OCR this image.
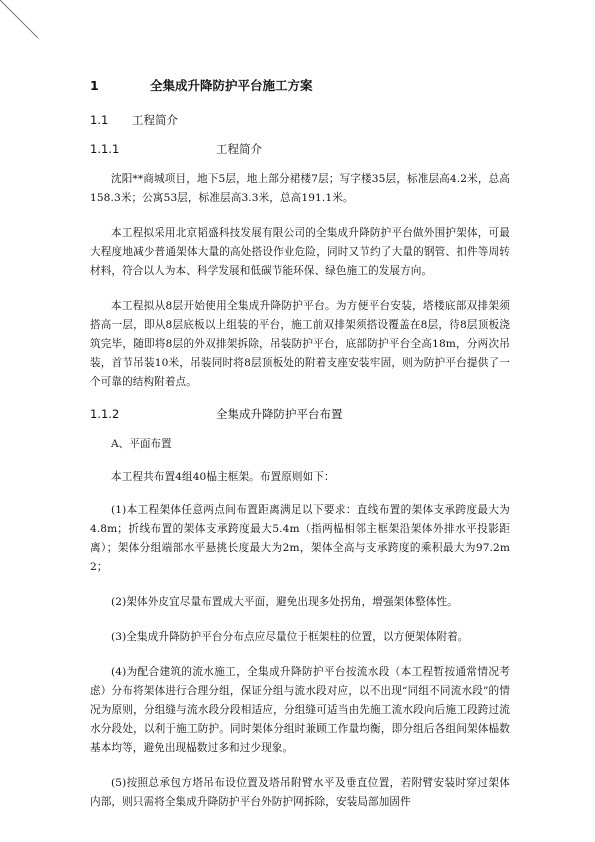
1	全集成升降防护平台施工方案
1.1	工程简介
1.1.1	工程简介

沈阳**商城项目，地下5层，地上部分裙楼7层；写字楼35层，标准层高4.2米，总高158.3米；公寓53层，标准层高3.3米，总高191.1米。

本工程拟采用北京韬盛科技发展有限公司的全集成升降防护平台做外围护架体，可最大程度地减少普通架体大量的高处搭设作业危险，同时又节约了大量的钢管、扣件等周转材料，符合以人为本、科学发展和低碳节能环保、绿色施工的发展方向。

本工程拟从8层开始使用全集成升降防护平台。为方便平台安装，塔楼底部双排架须搭高一层，即从8层底板以上组装的平台，施工前双排架须搭设覆盖在8层，待8层顶板浇筑完毕，随即将8层的外双排架拆除，吊装防护平台，底部防护平台全高18m，分两次吊装，首节吊装10米，吊装同时将8层顶板处的附着支座安装牢固，则为防护平台提供了一个可靠的结构附着点。

1.1.2	全集成升降防护平台布置
A、平面布置

本工程共布置4组40榀主框架。布置原则如下：

(1)本工程架体任意两点间布置距离满足以下要求：直线布置的架体支承跨度最大为4.8m；折线布置的架体支承跨度最大5.4m（指两榀相邻主框架沿架体外排水平投影距离）；架体分组端部水平悬挑长度最大为2m，架体全高与支承跨度的乘积最大为97.2m2；

(2)架体外皮宜尽量布置成大平面，避免出现多处拐角，增强架体整体性。

(3)全集成升降防护平台分布点应尽量位于框架柱的位置，以方便架体附着。

(4)为配合建筑的流水施工，全集成升降防护平台按流水段（本工程暂按通常情况考虑）分布将架体进行合理分组，保证分组与流水段对应，以不出现“同组不同流水段”的情况为原则，分组缝与流水段分段相适应，分组缝可适当由先施工流水段向后施工段跨过流水分段处，以利于施工防护。同时架体分组时兼顾工作量均衡，即分组后各组间架体榀数基本均等，避免出现榀数过多和过少现象。

(5)按照总承包方塔吊布设位置及塔吊附臂水平及垂直位置，若附臂安装时穿过架体内部，则只需将全集成升降防护平台外防护网拆除，安装局部加固件
